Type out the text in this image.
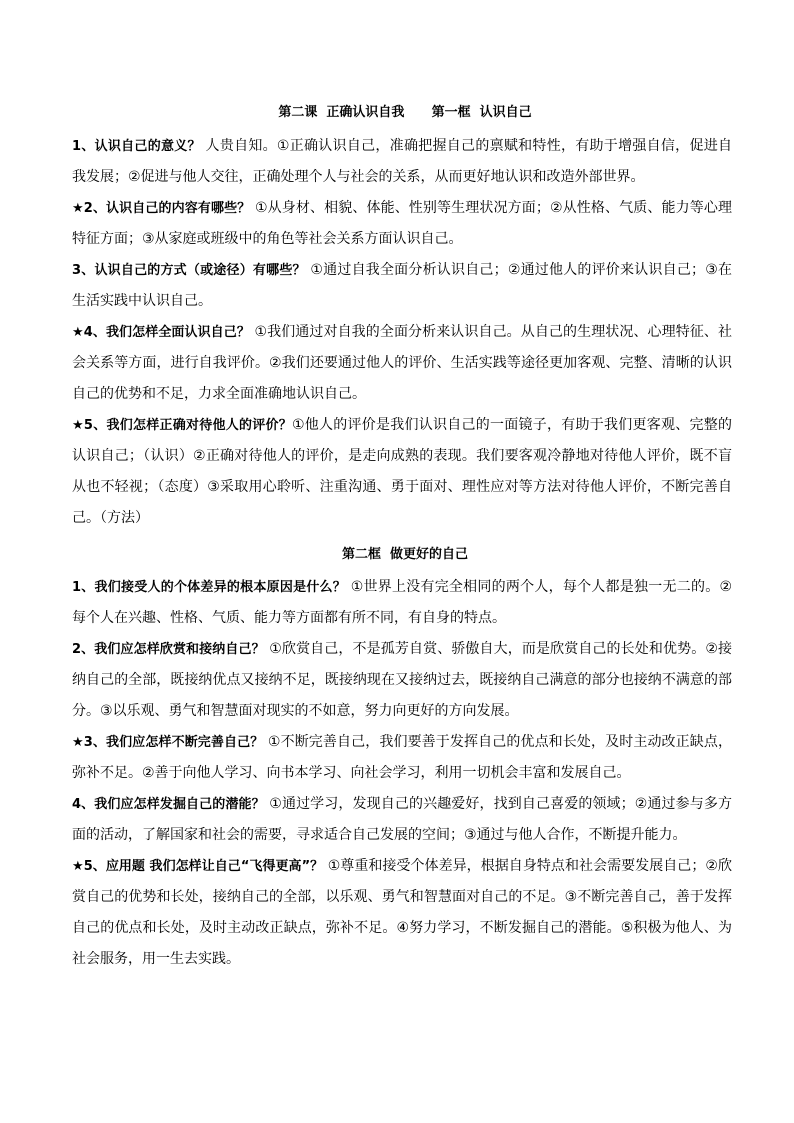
第二课  正确认识自我      第一框  认识自己

1、认识自己的意义？ 人贵自知。①正确认识自己，准确把握自己的禀赋和特性，有助于增强自信，促进自我发展；②促进与他人交往，正确处理个人与社会的关系，从而更好地认识和改造外部世界。

★2、认识自己的内容有哪些？ ①从身材、相貌、体能、性别等生理状况方面；②从性格、气质、能力等心理特征方面；③从家庭或班级中的角色等社会关系方面认识自己。

3、认识自己的方式（或途径）有哪些？ ①通过自我全面分析认识自己；②通过他人的评价来认识自己；③在生活实践中认识自己。

★4、我们怎样全面认识自己？ ①我们通过对自我的全面分析来认识自己。从自己的生理状况、心理特征、社会关系等方面，进行自我评价。②我们还要通过他人的评价、生活实践等途径更加客观、完整、清晰的认识自己的优势和不足，力求全面准确地认识自己。

★5、我们怎样正确对待他人的评价？①他人的评价是我们认识自己的一面镜子，有助于我们更客观、完整的认识自己；（认识）②正确对待他人的评价，是走向成熟的表现。我们要客观冷静地对待他人评价，既不盲从也不轻视；（态度）③采取用心聆听、注重沟通、勇于面对、理性应对等方法对待他人评价，不断完善自己。（方法）

第二框  做更好的自己

1、我们接受人的个体差异的根本原因是什么？ ①世界上没有完全相同的两个人，每个人都是独一无二的。②每个人在兴趣、性格、气质、能力等方面都有所不同，有自身的特点。

2、我们应怎样欣赏和接纳自己？ ①欣赏自己，不是孤芳自赏、骄傲自大，而是欣赏自己的长处和优势。②接纳自己的全部，既接纳优点又接纳不足，既接纳现在又接纳过去，既接纳自己满意的部分也接纳不满意的部分。③以乐观、勇气和智慧面对现实的不如意，努力向更好的方向发展。

★3、我们应怎样不断完善自己？ ①不断完善自己，我们要善于发挥自己的优点和长处，及时主动改正缺点，弥补不足。②善于向他人学习、向书本学习、向社会学习，利用一切机会丰富和发展自己。

4、我们应怎样发掘自己的潜能？ ①通过学习，发现自己的兴趣爱好，找到自己喜爱的领域；②通过参与多方面的活动，了解国家和社会的需要，寻求适合自己发展的空间；③通过与他人合作，不断提升能力。

★5、应用题 我们怎样让自己“飞得更高”？ ①尊重和接受个体差异，根据自身特点和社会需要发展自己；②欣赏自己的优势和长处，接纳自己的全部，以乐观、勇气和智慧面对自己的不足。③不断完善自己，善于发挥自己的优点和长处，及时主动改正缺点，弥补不足。④努力学习，不断发掘自己的潜能。⑤积极为他人、为社会服务，用一生去实践。
